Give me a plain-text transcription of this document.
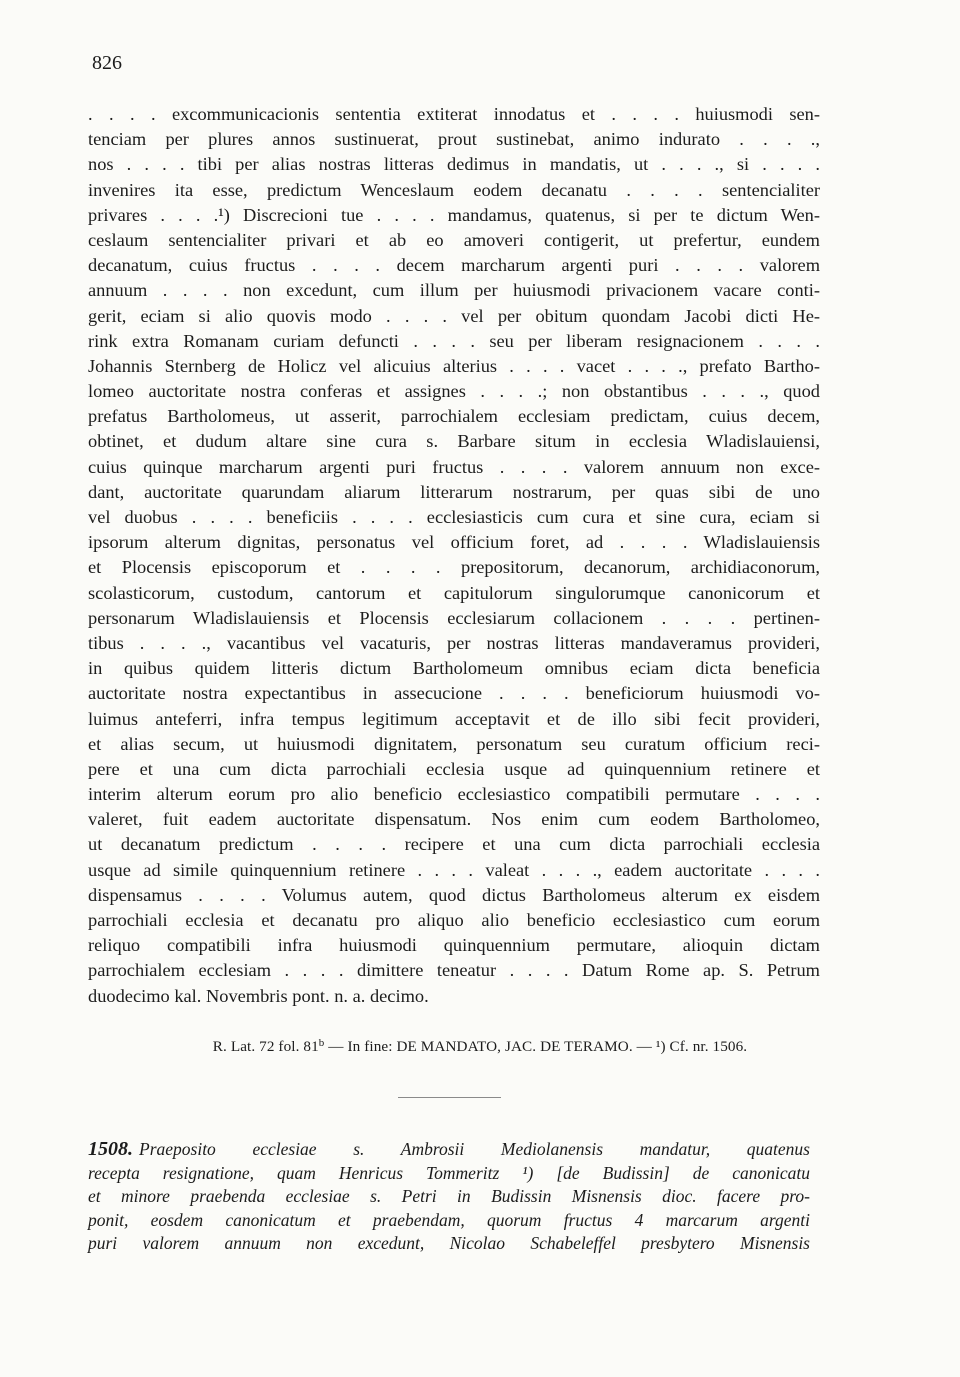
826
. . . . excommunicacionis sententia extiterat innodatus et . . . . huiusmodi sen-
tenciam per plures annos sustinuerat, prout sustinebat, animo indurato . . . .,
nos . . . . tibi per alias nostras litteras dedimus in mandatis, ut . . . ., si . . . .
invenires ita esse, predictum Wenceslaum eodem decanatu . . . . sentencialiter
privares . . . .¹) Discrecioni tue . . . . mandamus, quatenus, si per te dictum Wen-
ceslaum sentencialiter privari et ab eo amoveri contigerit, ut prefertur, eundem
decanatum, cuius fructus . . . . decem marcharum argenti puri . . . . valorem
annuum . . . . non excedunt, cum illum per huiusmodi privacionem vacare conti-
gerit, eciam si alio quovis modo . . . . vel per obitum quondam Jacobi dicti He-
rink extra Romanam curiam defuncti . . . . seu per liberam resignacionem . . . .
Johannis Sternberg de Holicz vel alicuius alterius . . . . vacet . . . ., prefato Bartho-
lomeo auctoritate nostra conferas et assignes . . . .; non obstantibus . . . ., quod
prefatus Bartholomeus, ut asserit, parrochialem ecclesiam predictam, cuius decem,
obtinet, et dudum altare sine cura s. Barbare situm in ecclesia Wladislauiensi,
cuius quinque marcharum argenti puri fructus . . . . valorem annuum non exce-
dant, auctoritate quarundam aliarum litterarum nostrarum, per quas sibi de uno
vel duobus . . . . beneficiis . . . . ecclesiasticis cum cura et sine cura, eciam si
ipsorum alterum dignitas, personatus vel officium foret, ad . . . . Wladislauiensis
et Plocensis episcoporum et . . . . prepositorum, decanorum, archidiaconorum,
scolasticorum, custodum, cantorum et capitulorum singulorumque canonicorum et
personarum Wladislauiensis et Plocensis ecclesiarum collacionem . . . . pertinen-
tibus . . . ., vacantibus vel vacaturis, per nostras litteras mandaveramus provideri,
in quibus quidem litteris dictum Bartholomeum omnibus eciam dicta beneficia
auctoritate nostra expectantibus in assecucione . . . . beneficiorum huiusmodi vo-
luimus anteferri, infra tempus legitimum acceptavit et de illo sibi fecit provideri,
et alias secum, ut huiusmodi dignitatem, personatum seu curatum officium reci-
pere et una cum dicta parrochiali ecclesia usque ad quinquennium retinere et
interim alterum eorum pro alio beneficio ecclesiastico compatibili permutare . . . .
valeret, fuit eadem auctoritate dispensatum. Nos enim cum eodem Bartholomeo,
ut decanatum predictum . . . . recipere et una cum dicta parrochiali ecclesia
usque ad simile quinquennium retinere . . . . valeat . . . ., eadem auctoritate . . . .
dispensamus . . . . Volumus autem, quod dictus Bartholomeus alterum ex eisdem
parrochiali ecclesia et decanatu pro aliquo alio beneficio ecclesiastico cum eorum
reliquo compatibili infra huiusmodi quinquennium permutare, alioquin dictam
parrochialem ecclesiam . . . . dimittere teneatur . . . . Datum Rome ap. S. Petrum
duodecimo kal. Novembris pont. n. a. decimo.
R. Lat. 72 fol. 81$^b$ — In fine: DE MANDATO, JAC. DE TERAMO. — ¹) Cf. nr. 1506.
1508. Praeposito ecclesiae s. Ambrosii Mediolanensis mandatur, quatenus
recepta resignatione, quam Henricus Tommeritz ¹) [de Budissin] de canonicatu
et minore praebenda ecclesiae s. Petri in Budissin Misnensis dioc. facere pro-
ponit, eosdem canonicatum et praebendam, quorum fructus 4 marcarum argenti
puri valorem annuum non excedunt, Nicolao Schabeleffel presbytero Misnensis
